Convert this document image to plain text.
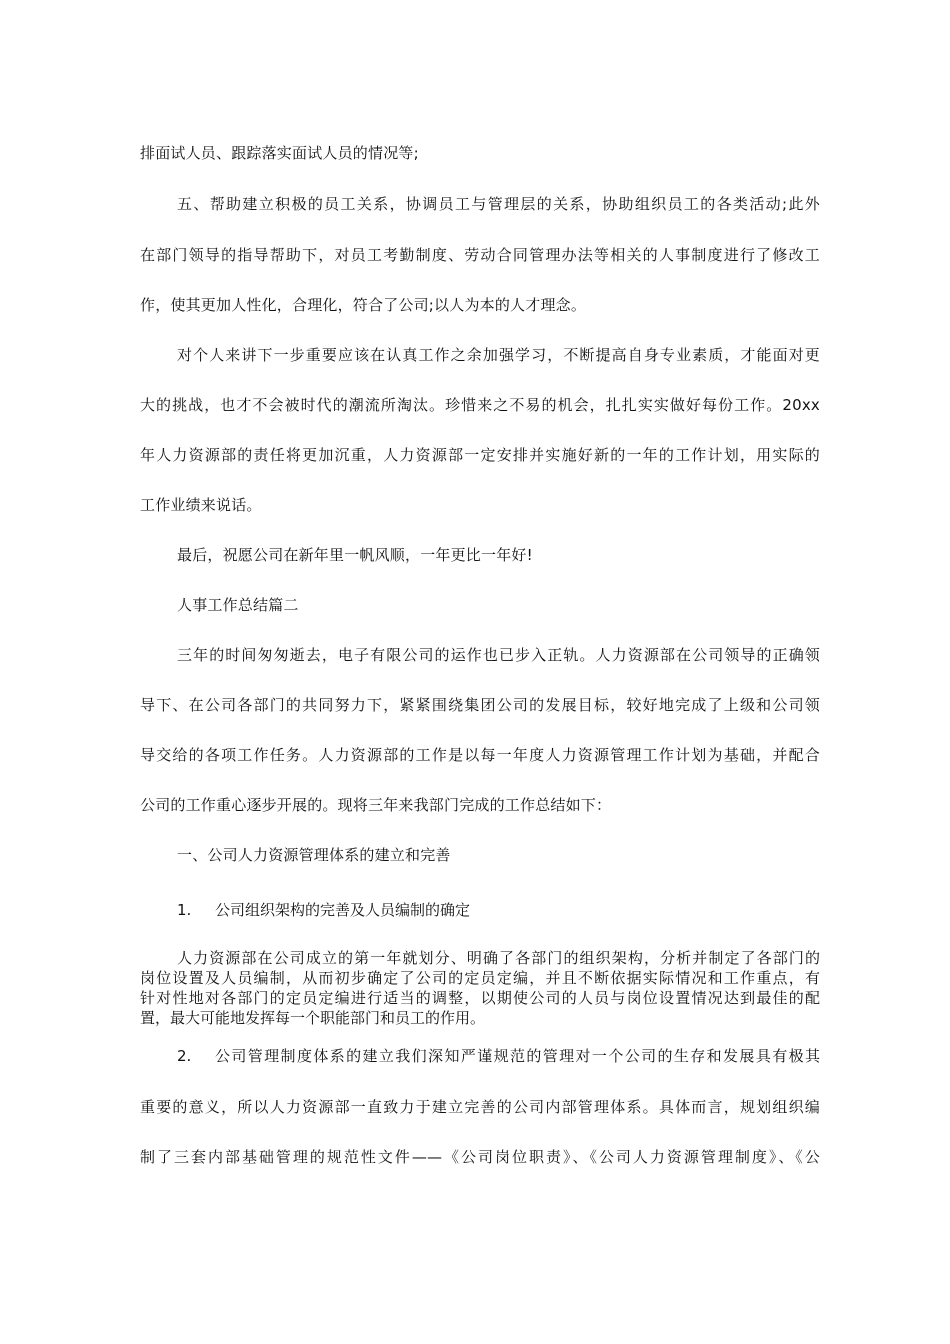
排面试人员、跟踪落实面试人员的情况等;
五、帮助建立积极的员工关系，协调员工与管理层的关系，协助组织员工的各类活动;此外
在部门领导的指导帮助下，对员工考勤制度、劳动合同管理办法等相关的人事制度进行了修改工
作，使其更加人性化，合理化，符合了公司;以人为本的人才理念。
对个人来讲下一步重要应该在认真工作之余加强学习，不断提高自身专业素质，才能面对更
大的挑战，也才不会被时代的潮流所淘汰。珍惜来之不易的机会，扎扎实实做好每份工作。20xx
年人力资源部的责任将更加沉重，人力资源部一定安排并实施好新的一年的工作计划，用实际的
工作业绩来说话。
最后，祝愿公司在新年里一帆风顺，一年更比一年好!
人事工作总结篇二
三年的时间匆匆逝去，电子有限公司的运作也已步入正轨。人力资源部在公司领导的正确领
导下、在公司各部门的共同努力下，紧紧围绕集团公司的发展目标，较好地完成了上级和公司领
导交给的各项工作任务。人力资源部的工作是以每一年度人力资源管理工作计划为基础，并配合
公司的工作重心逐步开展的。现将三年来我部门完成的工作总结如下：
一、公司人力资源管理体系的建立和完善
1. 公司组织架构的完善及人员编制的确定
人力资源部在公司成立的第一年就划分、明确了各部门的组织架构，分析并制定了各部门的
岗位设置及人员编制，从而初步确定了公司的定员定编，并且不断依据实际情况和工作重点，有
针对性地对各部门的定员定编进行适当的调整，以期使公司的人员与岗位设置情况达到最佳的配
置，最大可能地发挥每一个职能部门和员工的作用。
2. 公司管理制度体系的建立我们深知严谨规范的管理对一个公司的生存和发展具有极其
重要的意义，所以人力资源部一直致力于建立完善的公司内部管理体系。具体而言，规划组织编
制了三套内部基础管理的规范性文件——《公司岗位职责》、《公司人力资源管理制度》、《公
